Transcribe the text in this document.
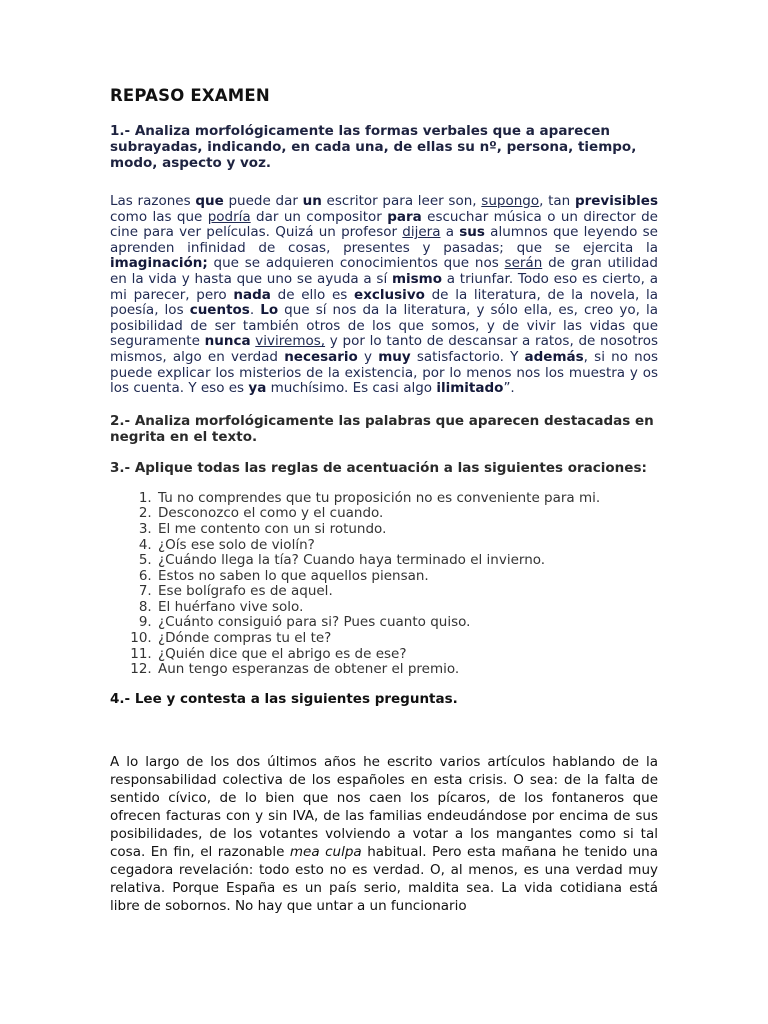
REPASO EXAMEN
1.- Analiza morfológicamente las formas verbales que a aparecen subrayadas, indicando, en cada una, de ellas su nº, persona, tiempo, modo, aspecto y voz.
Las razones que puede dar un escritor para leer son, supongo, tan previsibles como las que podría dar un compositor para escuchar música o un director de cine para ver películas. Quizá un profesor dijera a sus alumnos que leyendo se aprenden infinidad de cosas, presentes y pasadas; que se ejercita la imaginación; que se adquieren conocimientos que nos serán de gran utilidad en la vida y hasta que uno se ayuda a sí mismo a triunfar. Todo eso es cierto, a mi parecer, pero nada de ello es exclusivo de la literatura, de la novela, la poesía, los cuentos. Lo que sí nos da la literatura, y sólo ella, es, creo yo, la posibilidad de ser también otros de los que somos, y de vivir las vidas que seguramente nunca viviremos, y por lo tanto de descansar a ratos, de nosotros mismos, algo en verdad necesario y muy satisfactorio. Y además, si no nos puede explicar los misterios de la existencia, por lo menos nos los muestra y os los cuenta. Y eso es ya muchísimo. Es casi algo ilimitado”.
2.- Analiza morfológicamente las palabras que aparecen destacadas en negrita en el texto.
3.- Aplique todas las reglas de acentuación a las siguientes oraciones:
1. Tu no comprendes que tu proposición no es conveniente para mi.
2. Desconozco el como y el cuando.
3. El me contento con un si rotundo.
4. ¿Oís ese solo de violín?
5. ¿Cuándo llega la tía? Cuando haya terminado el invierno.
6. Estos no saben lo que aquellos piensan.
7. Ese bolígrafo es de aquel.
8. El huérfano vive solo.
9. ¿Cuánto consiguió para si? Pues cuanto quiso.
10. ¿Dónde compras tu el te?
11. ¿Quién dice que el abrigo es de ese?
12. Aun tengo esperanzas de obtener el premio.
4.- Lee y contesta a las siguientes preguntas.
A lo largo de los dos últimos años he escrito varios artículos hablando de la responsabilidad colectiva de los españoles en esta crisis. O sea: de la falta de sentido cívico, de lo bien que nos caen los pícaros, de los fontaneros que ofrecen facturas con y sin IVA, de las familias endeudándose por encima de sus posibilidades, de los votantes volviendo a votar a los mangantes como si tal cosa. En fin, el razonable mea culpa habitual. Pero esta mañana he tenido una cegadora revelación: todo esto no es verdad. O, al menos, es una verdad muy relativa. Porque España es un país serio, maldita sea. La vida cotidiana está libre de sobornos. No hay que untar a un funcionario
